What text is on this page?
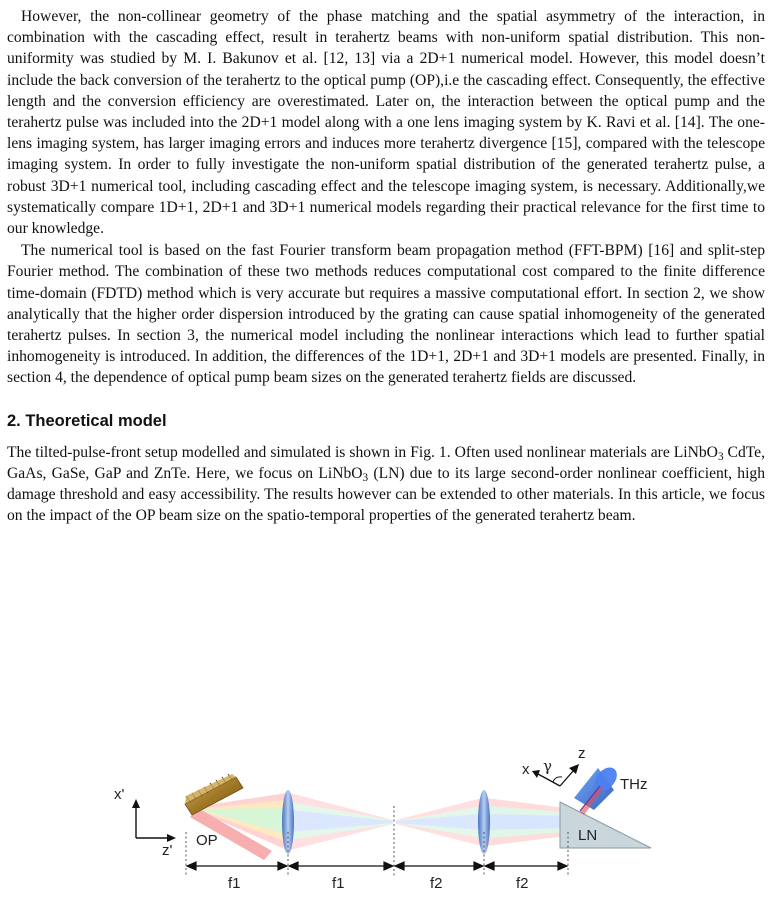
However, the non-collinear geometry of the phase matching and the spatial asymmetry of the interaction, in combination with the cascading effect, result in terahertz beams with non-uniform spatial distribution. This non-uniformity was studied by M. I. Bakunov et al. [12, 13] via a 2D+1 numerical model. However, this model doesn’t include the back conversion of the terahertz to the optical pump (OP),i.e the cascading effect. Consequently, the effective length and the conversion efficiency are overestimated. Later on, the interaction between the optical pump and the terahertz pulse was included into the 2D+1 model along with a one lens imaging system by K. Ravi et al. [14]. The one-lens imaging system, has larger imaging errors and induces more terahertz divergence [15], compared with the telescope imaging system. In order to fully investigate the non-uniform spatial distribution of the generated terahertz pulse, a robust 3D+1 numerical tool, including cascading effect and the telescope imaging system, is necessary. Additionally,we systematically compare 1D+1, 2D+1 and 3D+1 numerical models regarding their practical relevance for the first time to our knowledge.

The numerical tool is based on the fast Fourier transform beam propagation method (FFT-BPM) [16] and split-step Fourier method. The combination of these two methods reduces computational cost compared to the finite difference time-domain (FDTD) method which is very accurate but requires a massive computational effort. In section 2, we show analytically that the higher order dispersion introduced by the grating can cause spatial inhomogeneity of the generated terahertz pulses. In section 3, the numerical model including the nonlinear interactions which lead to further spatial inhomogeneity is introduced. In addition, the differences of the 1D+1, 2D+1 and 3D+1 models are presented. Finally, in section 4, the dependence of optical pump beam sizes on the generated terahertz fields are discussed.

2. Theoretical model

The tilted-pulse-front setup modelled and simulated is shown in Fig. 1. Often used nonlinear materials are LiNbO$_3$ CdTe, GaAs, GaSe, GaP and ZnTe. Here, we focus on LiNbO$_3$ (LN) due to its large second-order nonlinear coefficient, high damage threshold and easy accessibility. The results however can be extended to other materials. In this article, we focus on the impact of the OP beam size on the spatio-temporal properties of the generated terahertz beam.

x'
z'
OP
THz
LN
x
z
γ
f1	f1	f2	f2
